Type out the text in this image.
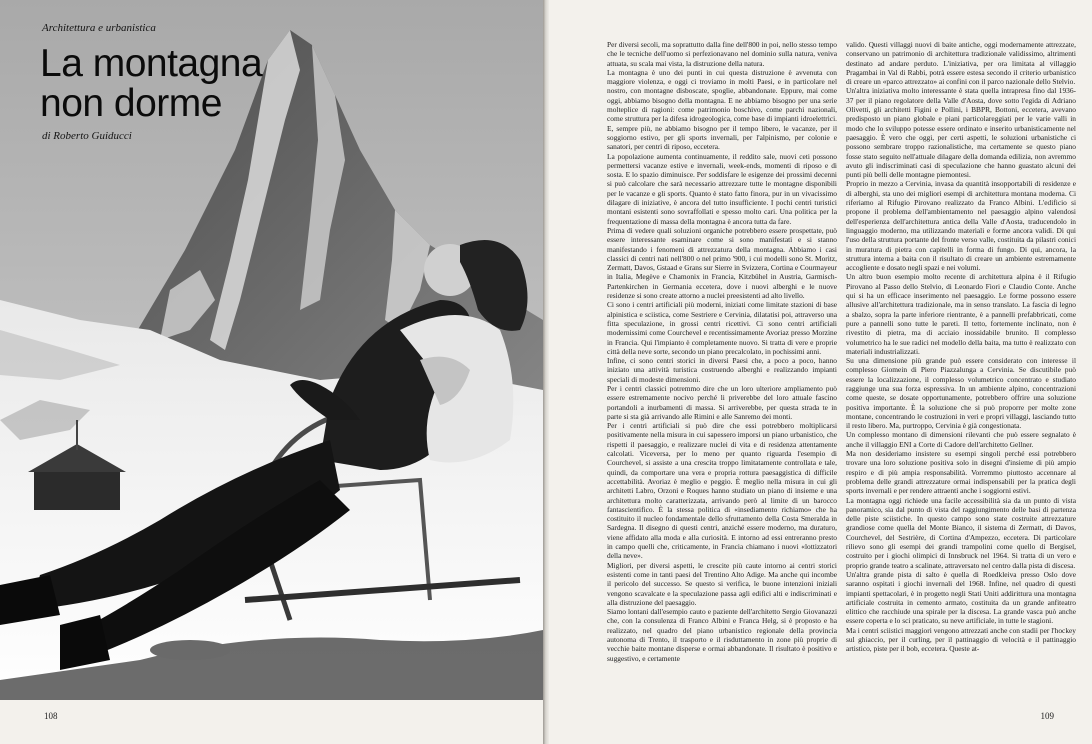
Architettura e urbanistica

La montagna
non dorme

di Roberto Guiducci

108

Per diversi secoli, ma soprattutto dalla fine dell'800 in poi, nello stesso tempo che le tecniche dell'uomo si perfezionavano nel dominio sulla natura, veniva attuata, su scala mai vista, la distruzione della natura.

La montagna è uno dei punti in cui questa distruzione è avvenuta con maggiore violenza, e oggi ci troviamo in molti Paesi, e in particolare nel nostro, con montagne disboscate, spoglie, abbandonate. Eppure, mai come oggi, abbiamo bisogno della montagna. E ne abbiamo bisogno per una serie molteplice di ragioni: come patrimonio boschivo, come parchi nazionali, come struttura per la difesa idrogeologica, come base di impianti idroelettrici. E, sempre più, ne abbiamo bisogno per il tempo libero, le vacanze, per il soggiorno estivo, per gli sports invernali, per l'alpinismo, per colonie e sanatori, per centri di riposo, eccetera.

La popolazione aumenta continuamente, il reddito sale, nuovi ceti possono permettersi vacanze estive e invernali, week-ends, momenti di riposo e di sosta. E lo spazio diminuisce. Per soddisfare le esigenze dei prossimi decenni si può calcolare che sarà necessario attrezzare tutte le montagne disponibili per le vacanze e gli sports. Quanto è stato fatto finora, pur in un vivacissimo dilagare di iniziative, è ancora del tutto insufficiente. I pochi centri turistici montani esistenti sono sovraffollati e spesso molto cari. Una politica per la frequentazione di massa della montagna è ancora tutta da fare.

Prima di vedere quali soluzioni organiche potrebbero essere prospettate, può essere interessante esaminare come si sono manifestati e si stanno manifestando i fenomeni di attrezzatura della montagna. Abbiamo i casi classici di centri nati nell'800 o nel primo '900, i cui modelli sono St. Moritz, Zermatt, Davos, Gstaad e Grans sur Sierre in Svizzera, Cortina e Courmayeur in Italia, Megève e Chamonix in Francia, Kitzbühel in Austria, Garmisch-Partenkirchen in Germania eccetera, dove i nuovi alberghi e le nuove residenze si sono create attorno a nuclei preesistenti ad alto livello.

Ci sono i centri artificiali più moderni, iniziati come limitate stazioni di base alpinistica e sciistica, come Sestriere e Cervinia, dilatatisi poi, attraverso una fitta speculazione, in grossi centri ricettivi. Ci sono centri artificiali modernissimi come Courchevel e recentissimamente Avoriaz presso Morzine in Francia. Qui l'impianto è completamente nuovo. Si tratta di vere e proprie città della neve sorte, secondo un piano precalcolato, in pochissimi anni.

Infine, ci sono centri storici in diversi Paesi che, a poco a poco, hanno iniziato una attività turistica costruendo alberghi e realizzando impianti speciali di modeste dimensioni.

Per i centri classici potremmo dire che un loro ulteriore ampliamento può essere estremamente nocivo perché li priverebbe del loro attuale fascino portandoli a inurbamenti di massa. Si arriverebbe, per questa strada te in parte si sta già arrivando alle Rimini e alle Sanremo dei monti.

Per i centri artificiali si può dire che essi potrebbero moltiplicarsi positivamente nella misura in cui sapessero imporsi un piano urbanistico, che rispetti il paesaggio, e realizzare nuclei di vita e di residenza attentamente calcolati. Viceversa, per lo meno per quanto riguarda l'esempio di Courchevel, si assiste a una crescita troppo limitatamente controllata e tale, quindi, da comportare una vera e propria rottura paesaggistica di difficile accettabilità. Avoriaz è meglio e peggio. È meglio nella misura in cui gli architetti Labro, Orzoni e Roques hanno studiato un piano di insieme e una architettura molto caratterizzata, arrivando però al limite di un barocco fantascientifico. È la stessa politica di «insediamento richiamo» che ha costituito il nucleo fondamentale dello sfruttamento della Costa Smeralda in Sardegna. Il disegno di questi centri, anziché essere moderno, ma duraturo, viene affidato alla moda e alla curiosità. E intorno ad essi entreranno presto in campo quelli che, criticamente, in Francia chiamano i nuovi «lottizzatori della neve».

Migliori, per diversi aspetti, le crescite più caute intorno ai centri storici esistenti come in tanti paesi del Trentino Alto Adige. Ma anche qui incombe il pericolo del successo. Se questo si verifica, le buone intenzioni iniziali vengono scavalcate e la speculazione passa agli edifici alti e indiscriminati e alla distruzione del paesaggio.

Siamo lontani dall'esempio cauto e paziente dell'architetto Sergio Giovanazzi che, con la consulenza di Franco Albini e Franca Helg, si è proposto e ha realizzato, nel quadro del piano urbanistico regionale della provincia autonoma di Trento, il trasporto e il risduttamento in zone più proprie di vecchie baite montane disperse e ormai abbandonate. Il risultato è positivo e suggestivo, e certamente

valido. Questi villaggi nuovi di baite antiche, oggi modernamente attrezzate, conservano un patrimonio di architettura tradizionale validissimo, altrimenti destinato ad andare perduto. L'iniziativa, per ora limitata al villaggio Pragambai in Val di Rabbi, potrà essere estesa secondo il criterio urbanistico di creare un «parco attrezzato» ai confini con il parco nazionale dello Stelvio.

Un'altra iniziativa molto interessante è stata quella intrapresa fino dal 1936-37 per il piano regolatore della Valle d'Aosta, dove sotto l'egida di Adriano Olivetti, gli architetti Figini e Pollini, i BBPR, Bottoni, eccetera, avevano predisposto un piano globale e piani particolareggiati per le varie valli in modo che lo sviluppo potesse essere ordinato e inserito urbanisticamente nel paesaggio. È vero che oggi, per certi aspetti, le soluzioni urbanistiche ci possono sembrare troppo razionalistiche, ma certamente se questo piano fosse stato seguito nell'attuale dilagare della domanda edilizia, non avremmo avuto gli indiscriminati casi di speculazione che hanno guastato alcuni dei punti più belli delle montagne piemontesi.

Proprio in mezzo a Cervinia, invasa da quantità insopportabili di residenze e di alberghi, sta uno dei migliori esempi di architettura montana moderna. Ci riferiamo al Rifugio Pirovano realizzato da Franco Albini. L'edificio si propone il problema dell'ambientamento nel paesaggio alpino valendosi dell'esperienza dell'architettura antica della Valle d'Aosta, traducendolo in linguaggio moderno, ma utilizzando materiali e forme ancora validi. Di qui l'uso della struttura portante del fronte verso valle, costituita da pilastri conici in muratura di pietra con capitelli in forma di fungo. Di qui, ancora, la struttura interna a baita con il risultato di creare un ambiente estremamente accogliente e dosato negli spazi e nei volumi.

Un altro buon esempio molto recente di architettura alpina è il Rifugio Pirovano al Passo dello Stelvio, di Leonardo Fiori e Claudio Conte. Anche qui si ha un efficace inserimento nel paesaggio. Le forme possono essere allusive all'architettura tradizionale, ma in senso translato. La fascia di legno a sbalzo, sopra la parte inferiore rientrante, è a pannelli prefabbricati, come pure a pannelli sono tutte le pareti. Il tetto, fortemente inclinato, non è rivestito di pietra, ma di acciaio inossidabile brunito. Il complesso volumetrico ha le sue radici nel modello della baita, ma tutto è realizzato con materiali industrializzati.

Su una dimensione più grande può essere considerato con interesse il complesso Giomein di Piero Piazzalunga a Cervinia. Se discutibile può essere la localizzazione, il complesso volumetrico concentrato e studiato raggiunge una sua forza espressiva. In un ambiente alpino, concentrazioni come queste, se dosate opportunamente, potrebbero offrire una soluzione positiva importante. È la soluzione che si può proporre per molte zone montane, concentrando le costruzioni in veri e propri villaggi, lasciando tutto il resto libero. Ma, purtroppo, Cervinia è già congestionata.

Un complesso montano di dimensioni rilevanti che può essere segnalato è anche il villaggio ENI a Corte di Cadore dell'architetto Gellner.

Ma non desideriamo insistere su esempi singoli perché essi potrebbero trovare una loro soluzione positiva solo in disegni d'insieme di più ampio respiro e di più ampia responsabilità. Vorremmo piuttosto accennare al problema delle grandi attrezzature ormai indispensabili per la pratica degli sports invernali e per rendere attraenti anche i soggiorni estivi.

La montagna oggi richiede una facile accessibilità sia da un punto di vista panoramico, sia dal punto di vista del raggiungimento delle basi di partenza delle piste sciistiche. In questo campo sono state costruite attrezzature grandiose come quella del Monte Bianco, il sistema di Zermatt, di Davos, Courchevel, del Sestrière, di Cortina d'Ampezzo, eccetera. Di particolare rilievo sono gli esempi dei grandi trampolini come quello di Bergisel, costruito per i giochi olimpici di Innsbruck nel 1964. Si tratta di un vero e proprio grande teatro a scalinate, attraversato nel centro dalla pista di discesa.

Un'altra grande pista di salto è quella di Roedkleiva presso Oslo dove saranno ospitati i giochi invernali del 1968. Infine, nel quadro di questi impianti spettacolari, è in progetto negli Stati Uniti addirittura una montagna artificiale costruita in cemento armato, costituita da un grande anfiteatro elittico che racchiude una spirale per la discesa. La grande vasca può anche essere coperta e lo sci praticato, su neve artificiale, in tutte le stagioni.

Ma i centri sciistici maggiori vengono attrezzati anche con stadii per l'hockey sul ghiaccio, per il curling, per il pattinaggio di velocità e il pattinaggio artistico, piste per il bob, eccetera. Queste at-

109
